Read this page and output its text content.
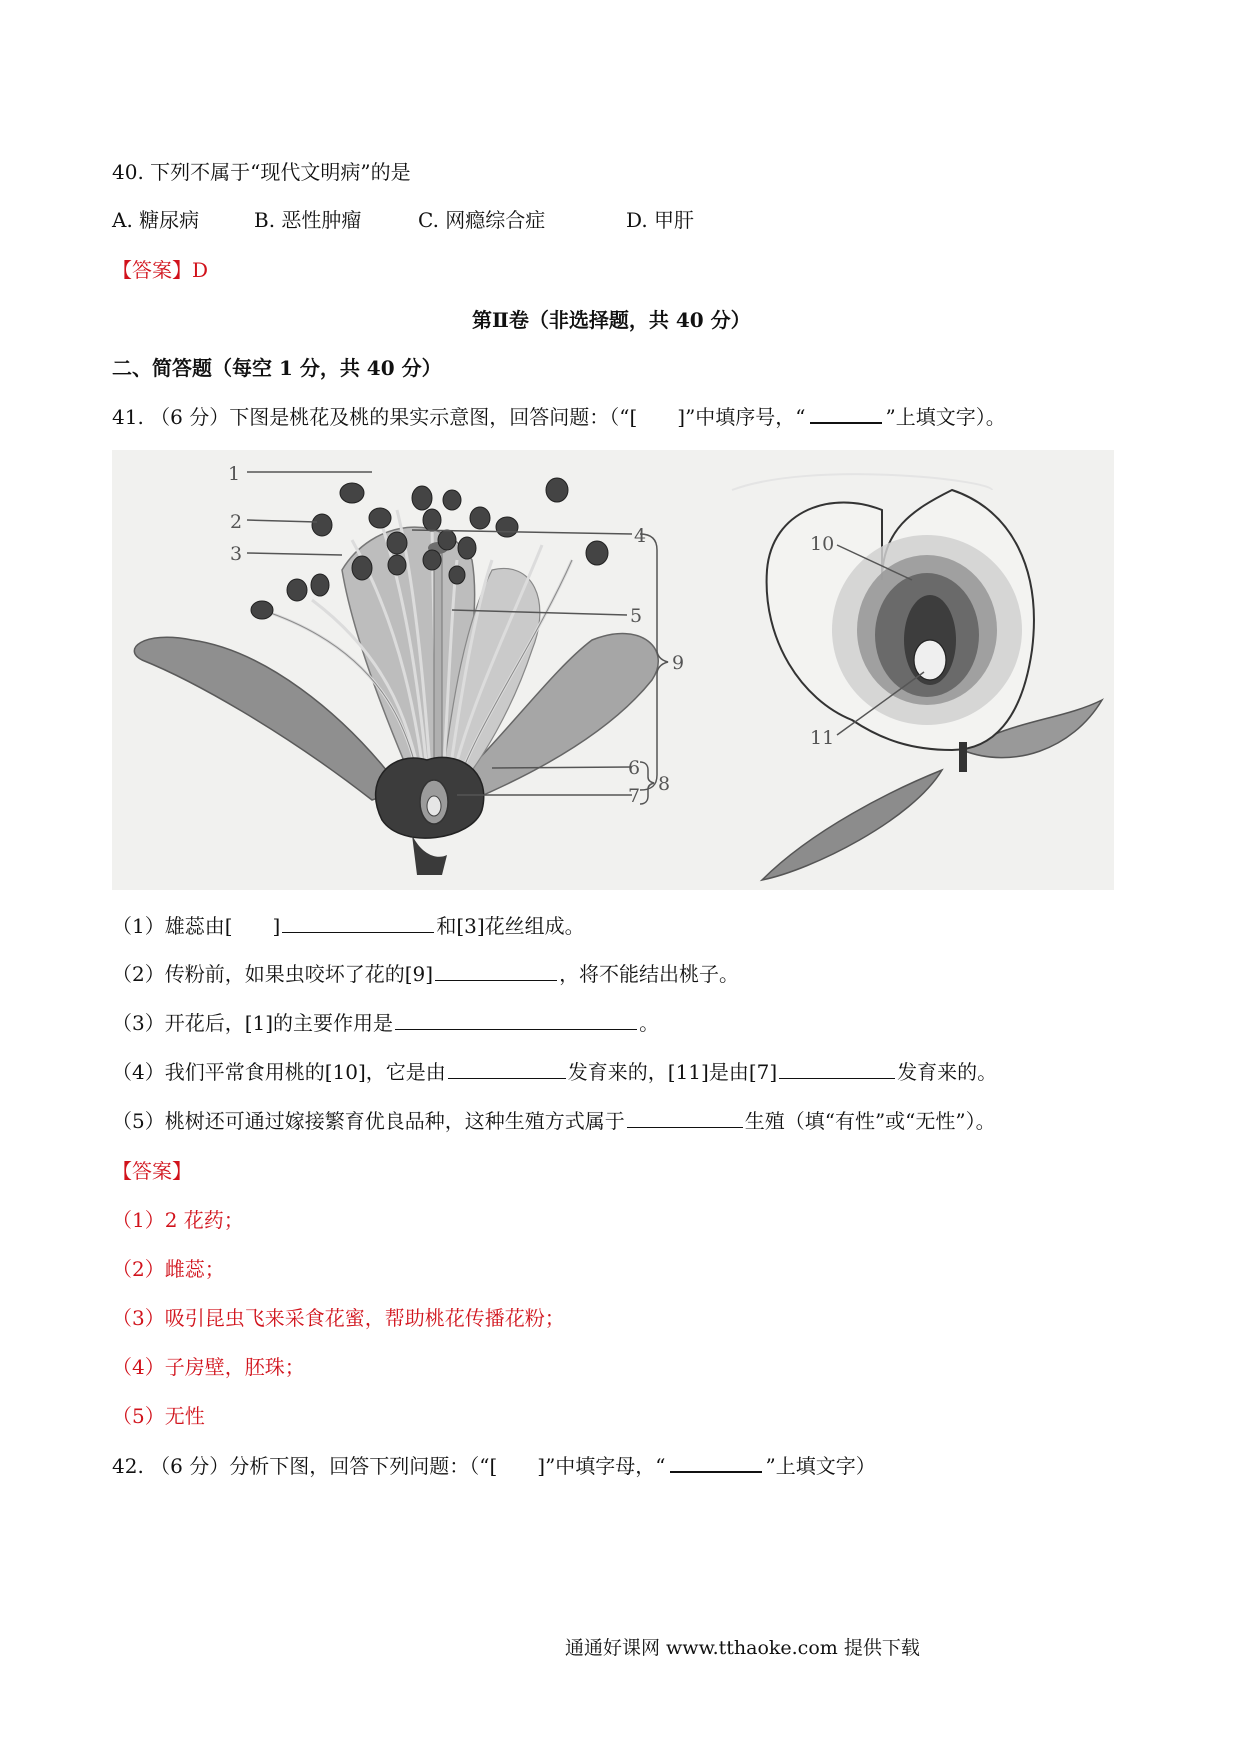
40. 下列不属于“现代文明病”的是
A. 糖尿病	B. 恶性肿瘤	C. 网瘾综合症	D. 甲肝
【答案】D
第Ⅱ卷（非选择题，共 40 分）
二、简答题（每空 1 分，共 40 分）
41. （6 分）下图是桃花及桃的果实示意图，回答问题：（“[　　]”中填序号，“	”上填文字）。
1
2
3
4
5
6
7
8
9
10
11
（1）雄蕊由[　　]	和[3]花丝组成。
（2）传粉前，如果虫咬坏了花的[9]	，将不能结出桃子。
（3）开花后，[1]的主要作用是	。
（4）我们平常食用桃的[10]，它是由	发育来的，[11]是由[7]	发育来的。
（5）桃树还可通过嫁接繁育优良品种，这种生殖方式属于	生殖（填“有性”或“无性”）。
【答案】
（1）2 花药；
（2）雌蕊；
（3）吸引昆虫飞来采食花蜜，帮助桃花传播花粉；
（4）子房壁，胚珠；
（5）无性
42. （6 分）分析下图，回答下列问题：（“[　　]”中填字母，“	”上填文字）
通通好课网 www.tthaoke.com 提供下载
